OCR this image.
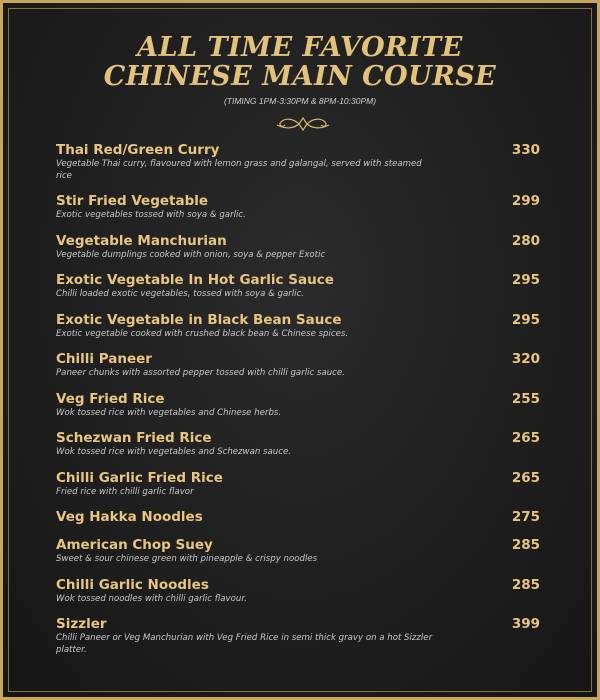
ALL TIME FAVORITE
CHINESE MAIN COURSE
(TIMING 1PM-3:30PM & 8PM-10:30PM)
Thai Red/Green Curry	330
Vegetable Thai curry, flavoured with lemon grass and galangal, served with steamed rice
Stir Fried Vegetable	299
Exotic vegetables tossed with soya & garlic.
Vegetable Manchurian	280
Vegetable dumplings cooked with onion, soya & pepper Exotic
Exotic Vegetable In Hot Garlic Sauce	295
Chilli loaded exotic vegetables, tossed with soya & garlic.
Exotic Vegetable in Black Bean Sauce	295
Exotic vegetable cooked with crushed black bean & Chinese spices.
Chilli Paneer	320
Paneer chunks with assorted pepper tossed with chilli garlic sauce.
Veg Fried Rice	255
Wok tossed rice with vegetables and Chinese herbs.
Schezwan Fried Rice	265
Wok tossed rice with vegetables and Schezwan sauce.
Chilli Garlic Fried Rice	265
Fried rice with chilli garlic flavor
Veg Hakka Noodles	275
American Chop Suey	285
Sweet & sour chinese green with pineapple & crispy noodles
Chilli Garlic Noodles	285
Wok tossed noodles with chilli garlic flavour.
Sizzler	399
Chilli Paneer or Veg Manchurian with Veg Fried Rice in semi thick gravy on a hot Sizzler platter.
